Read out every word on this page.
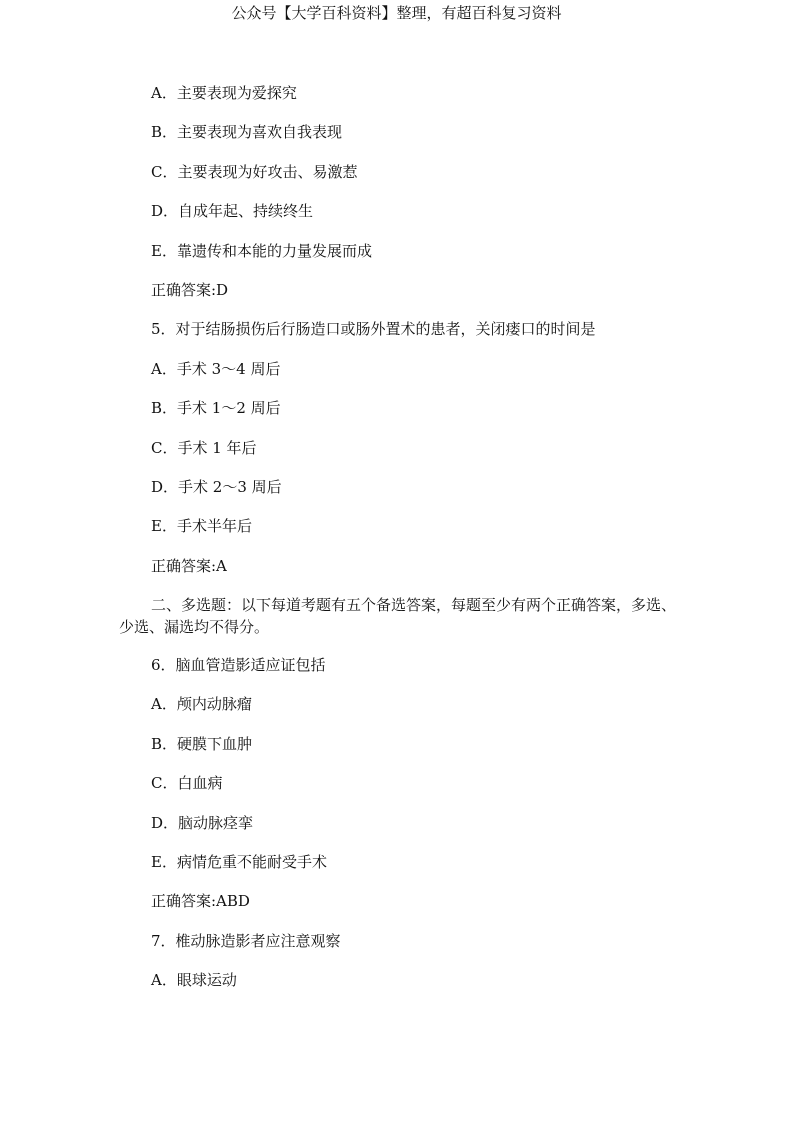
公众号【大学百科资料】整理，有超百科复习资料
A．主要表现为爱探究
B．主要表现为喜欢自我表现
C．主要表现为好攻击、易激惹
D．自成年起、持续终生
E．靠遗传和本能的力量发展而成
正确答案:D
5．对于结肠损伤后行肠造口或肠外置术的患者，关闭瘘口的时间是
A．手术 3～4 周后
B．手术 1～2 周后
C．手术 1 年后
D．手术 2～3 周后
E．手术半年后
正确答案:A
二、多选题：以下每道考题有五个备选答案，每题至少有两个正确答案，多选、少选、漏选均不得分。
6．脑血管造影适应证包括
A．颅内动脉瘤
B．硬膜下血肿
C．白血病
D．脑动脉痉挛
E．病情危重不能耐受手术
正确答案:ABD
7．椎动脉造影者应注意观察
A．眼球运动
